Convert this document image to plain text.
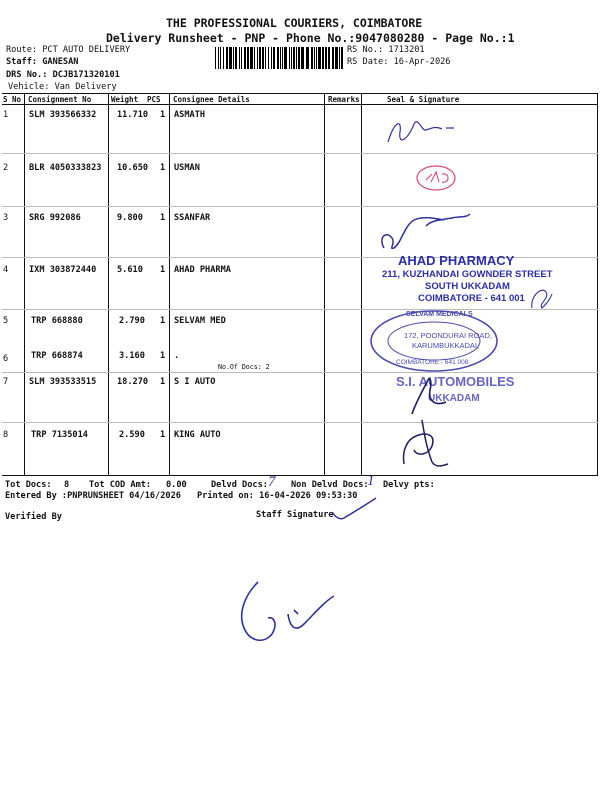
THE PROFESSIONAL COURIERS, COIMBATORE
Delivery Runsheet - PNP - Phone No.:9047080280 - Page No.:1
Route: PCT AUTO DELIVERY
Staff: GANESAN
DRS No.: DCJB171320101
Vehicle: Van Delivery
RS No.: 1713201
RS Date: 16-Apr-2026
S No Consignment No	Weight PCS Consignee Details	Remarks	Seal & Signature
1 SLM 393566332 11.710 1 ASMATH
2 BLR 4050333823 10.650 1 USMAN
3 SRG 992086	9.800 1 SSANFAR
4 IXM 303872440 5.610 1 AHAD PHARMA
5	TRP 668880	2.790 1 SELVAM MED
6	TRP 668874	3.160 1 .
No.Of Docs: 2
7 SLM 393533515 18.270 1 S I AUTO
8	TRP 7135014	2.590 1 KING AUTO
AHAD PHARMACY
211, KUZHANDAI GOWNDER STREET
SOUTH UKKADAM
COIMBATORE - 641 001
SELVAM MEDICALS
172, POONDURAI ROAD,
KARUMBUKKADAI,
COIMBATORE - 641 008
S.I. AUTOMOBILES
UKKADAM
Tot Docs: 8 Tot COD Amt: 0.00	Delvd Docs: 7 Non Delvd Docs:
1 Delvy pts:
Entered By :PNPRUNSHEET 04/16/2026 Printed on: 16-04-2026 09:53:30
Verified By	Staff Signature
